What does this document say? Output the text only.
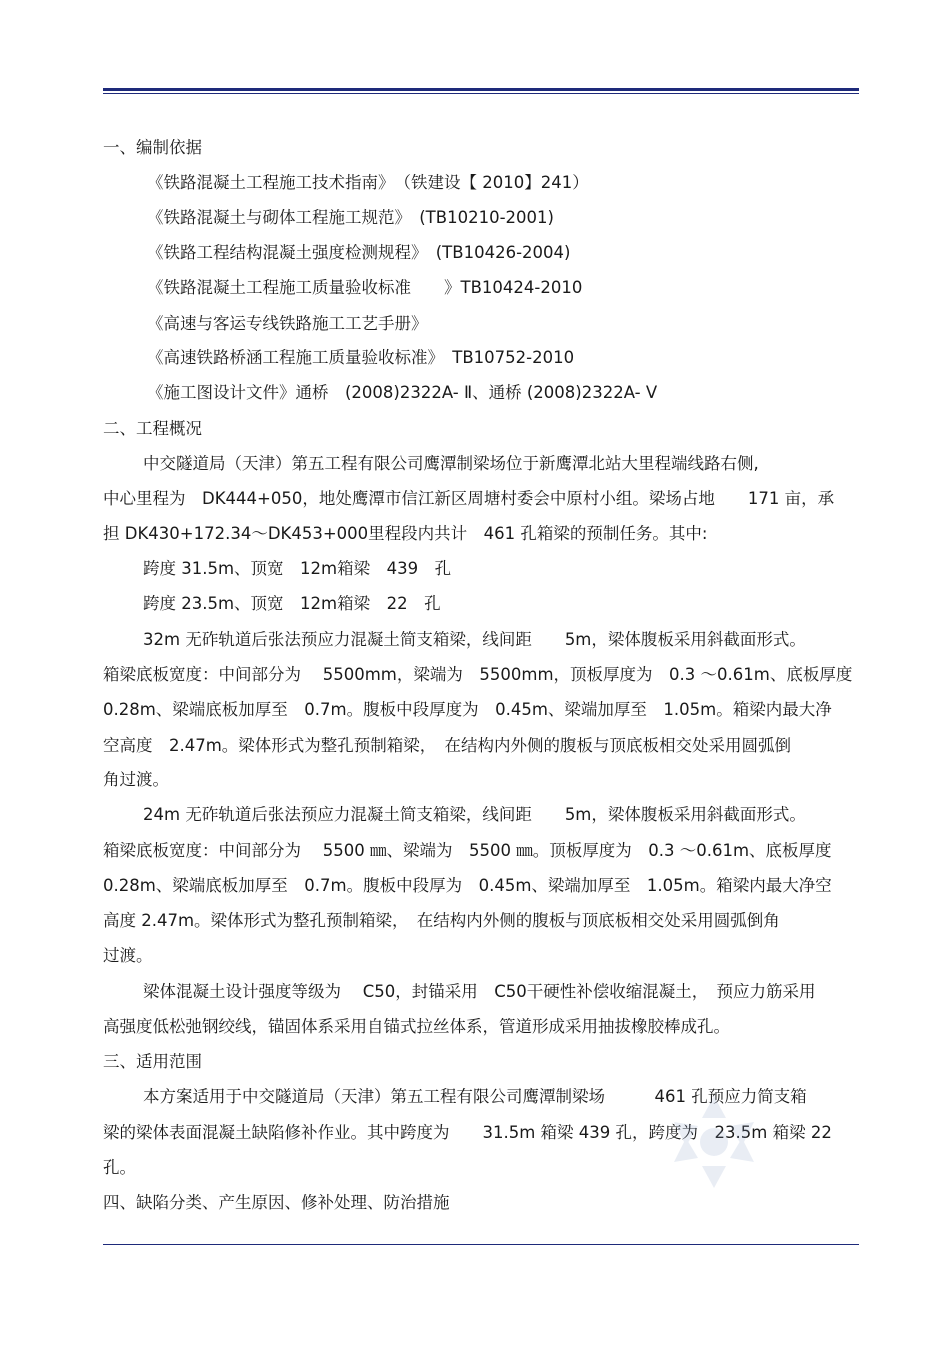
一、编制依据
《铁路混凝土工程施工技术指南》　（铁建设【 2010】241）
《铁路混凝土与砌体工程施工规范》　(TB10210-2001)
《铁路工程结构混凝土强度检测规程》　(TB10426-2004)
《铁路混凝土工程施工质量验收标准　　》TB10424-2010
《高速与客运专线铁路施工工艺手册》
《高速铁路桥涵工程施工质量验收标准》　TB10752-2010
《施工图设计文件》通桥　(2008)2322A- Ⅱ、通桥 (2008)2322A- Ⅴ
二、工程概况
中交隧道局（天津）第五工程有限公司鹰潭制梁场位于新鹰潭北站大里程端线路右侧,
中心里程为　DK444+050，地处鹰潭市信江新区周塘村委会中原村小组。梁场占地　　171 亩，承
担 DK430+172.34～DK453+000里程段内共计　461 孔箱梁的预制任务。其中:
跨度 31.5m、顶宽　12m箱梁　439　孔
跨度 23.5m、顶宽　12m箱梁　22　孔
32m 无砟轨道后张法预应力混凝土简支箱梁，线间距　　5m，梁体腹板采用斜截面形式。
箱梁底板宽度：中间部分为　 5500mm，梁端为　5500mm，顶板厚度为　0.3 ～0.61m、底板厚度
0.28m、梁端底板加厚至　0.7m。腹板中段厚度为　0.45m、梁端加厚至　1.05m。箱梁内最大净
空高度　2.47m。梁体形式为整孔预制箱梁，　在结构内外侧的腹板与顶底板相交处采用圆弧倒
角过渡。
24m 无砟轨道后张法预应力混凝土简支箱梁，线间距　　5m，梁体腹板采用斜截面形式。
箱梁底板宽度：中间部分为　 5500 ㎜、梁端为　5500 ㎜。顶板厚度为　0.3 ～0.61m、底板厚度
0.28m、梁端底板加厚至　0.7m。腹板中段厚为　0.45m、梁端加厚至　1.05m。箱梁内最大净空
高度 2.47m。梁体形式为整孔预制箱梁，　在结构内外侧的腹板与顶底板相交处采用圆弧倒角
过渡。
梁体混凝土设计强度等级为　 C50，封锚采用　C50干硬性补偿收缩混凝土，　预应力筋采用
高强度低松弛钢绞线，锚固体系采用自锚式拉丝体系，管道形成采用抽拔橡胶棒成孔。
三、适用范围
本方案适用于中交隧道局（天津）第五工程有限公司鹰潭制梁场　　　461 孔预应力简支箱
梁的梁体表面混凝土缺陷修补作业。其中跨度为　　31.5m 箱梁 439 孔，跨度为　23.5m 箱梁 22
孔。
四、缺陷分类、产生原因、修补处理、防治措施
